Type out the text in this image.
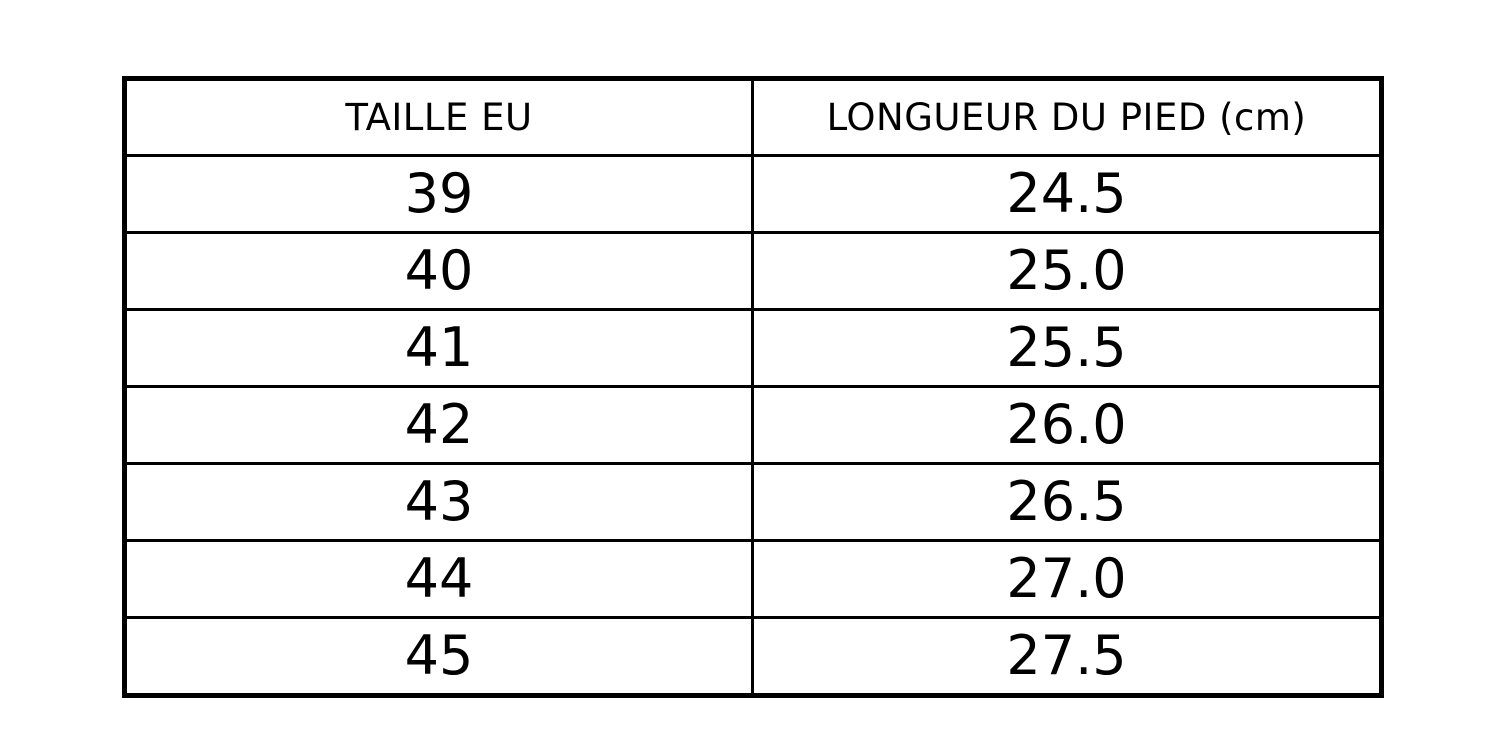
TAILLE EU	LONGUEUR DU PIED (cm)
39	24.5
40	25.0
41	25.5
42	26.0
43	26.5
44	27.0
45	27.5
